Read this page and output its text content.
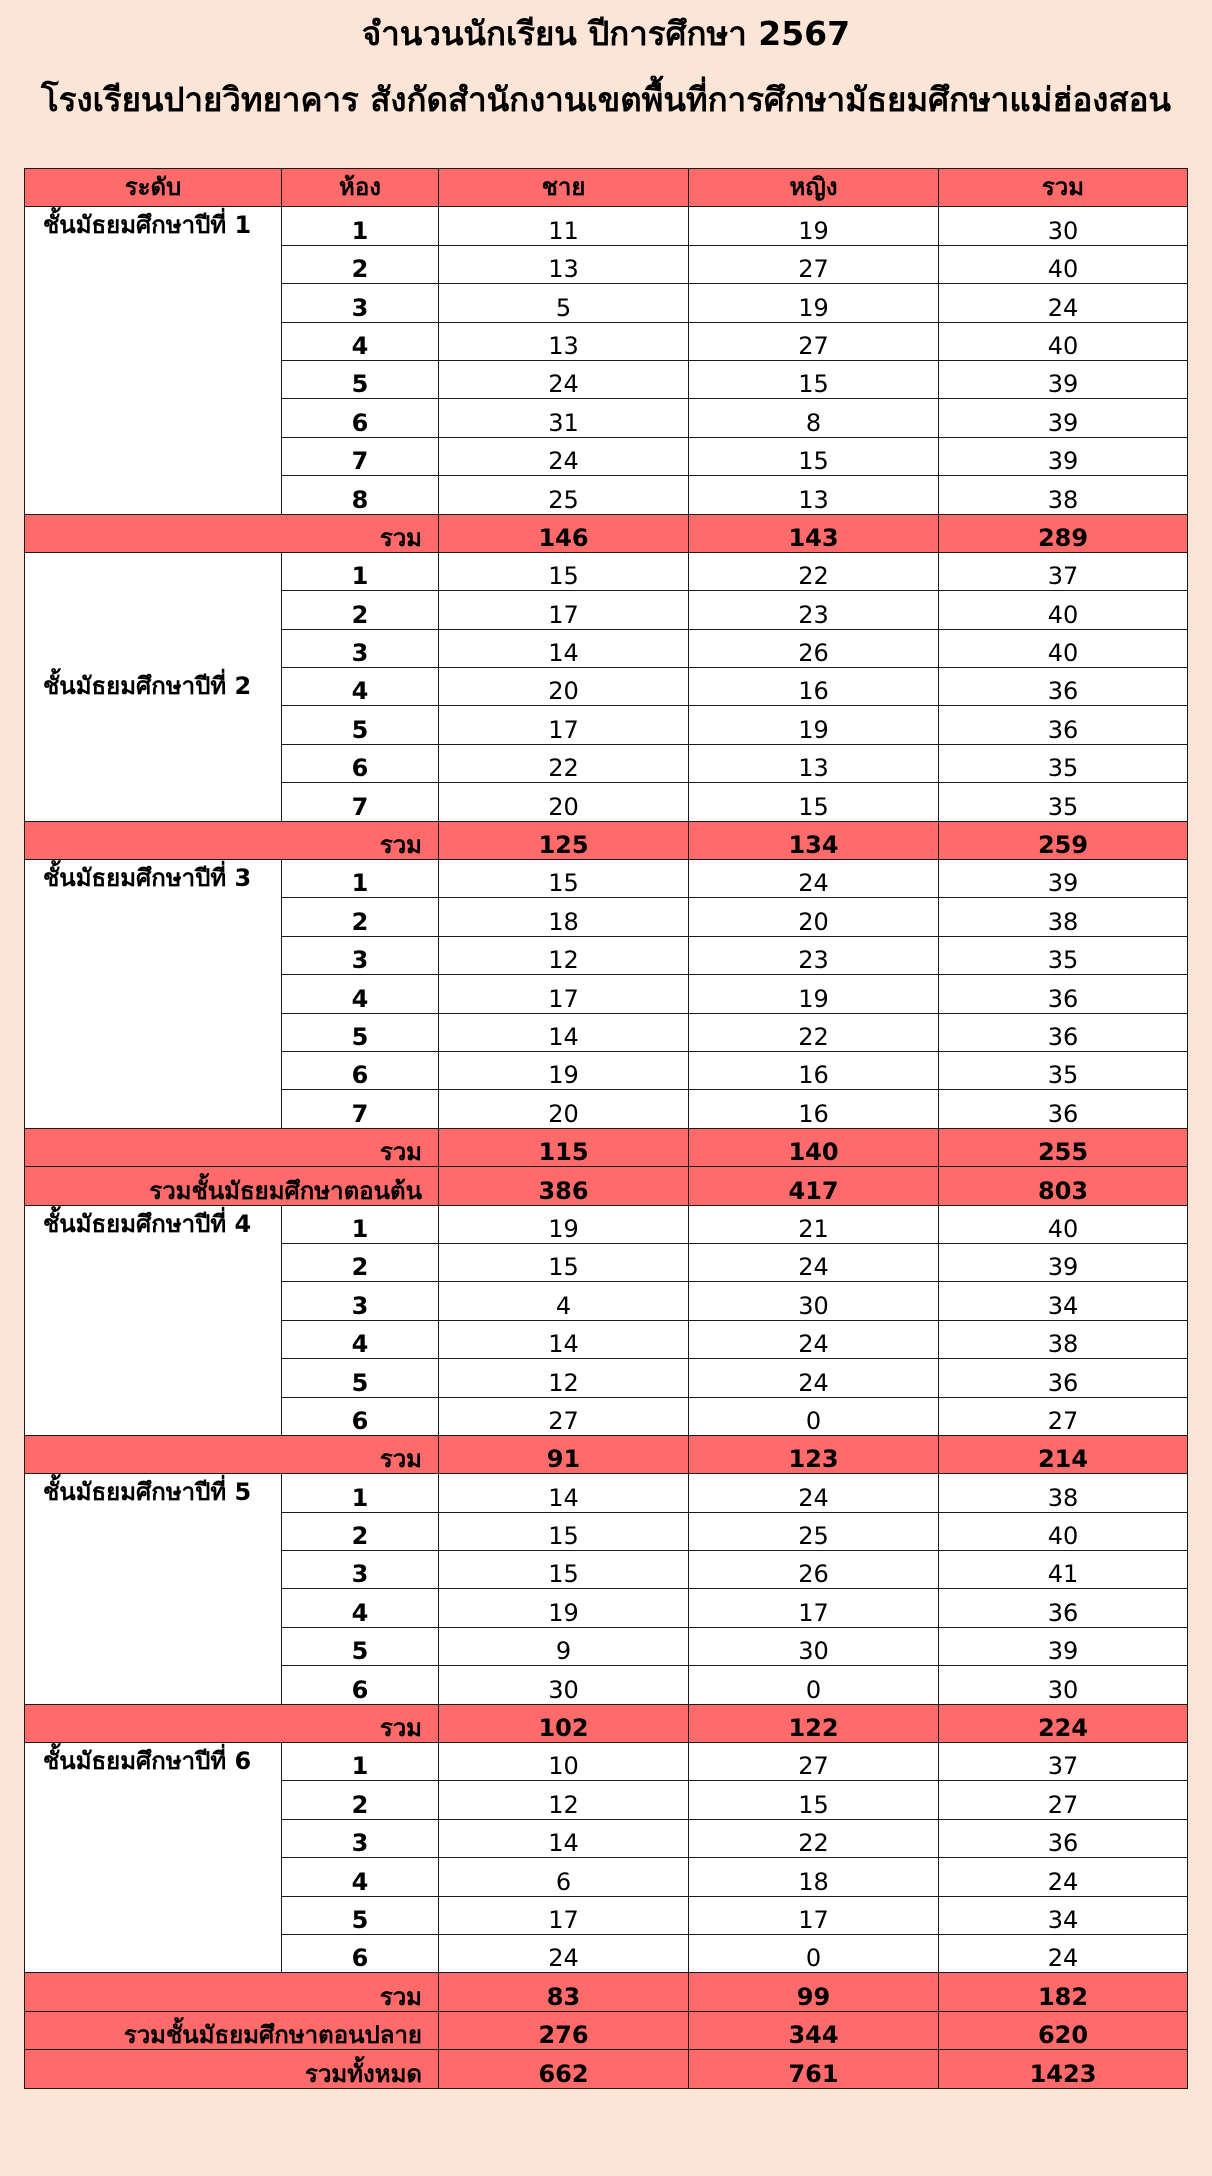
จำนวนนักเรียน ปีการศึกษา 2567
โรงเรียนปายวิทยาคาร สังกัดสำนักงานเขตพื้นที่การศึกษามัธยมศึกษาแม่ฮ่องสอน
ระดับ	ห้อง	ชาย	หญิง	รวม
ชั้นมัธยมศึกษาปีที่ 1	1	11	19	30
	2	13	27	40
	3	5	19	24
	4	13	27	40
	5	24	15	39
	6	31	8	39
	7	24	15	39
	8	25	13	38
รวม		146	143	289
ชั้นมัธยมศึกษาปีที่ 2	1	15	22	37
	2	17	23	40
	3	14	26	40
	4	20	16	36
	5	17	19	36
	6	22	13	35
	7	20	15	35
รวม		125	134	259
ชั้นมัธยมศึกษาปีที่ 3	1	15	24	39
	2	18	20	38
	3	12	23	35
	4	17	19	36
	5	14	22	36
	6	19	16	35
	7	20	16	36
รวม		115	140	255
รวมชั้นมัธยมศึกษาตอนต้น		386	417	803
ชั้นมัธยมศึกษาปีที่ 4	1	19	21	40
	2	15	24	39
	3	4	30	34
	4	14	24	38
	5	12	24	36
	6	27	0	27
รวม		91	123	214
ชั้นมัธยมศึกษาปีที่ 5	1	14	24	38
	2	15	25	40
	3	15	26	41
	4	19	17	36
	5	9	30	39
	6	30	0	30
รวม		102	122	224
ชั้นมัธยมศึกษาปีที่ 6	1	10	27	37
	2	12	15	27
	3	14	22	36
	4	6	18	24
	5	17	17	34
	6	24	0	24
รวม		83	99	182
รวมชั้นมัธยมศึกษาตอนปลาย		276	344	620
รวมทั้งหมด		662	761	1423
